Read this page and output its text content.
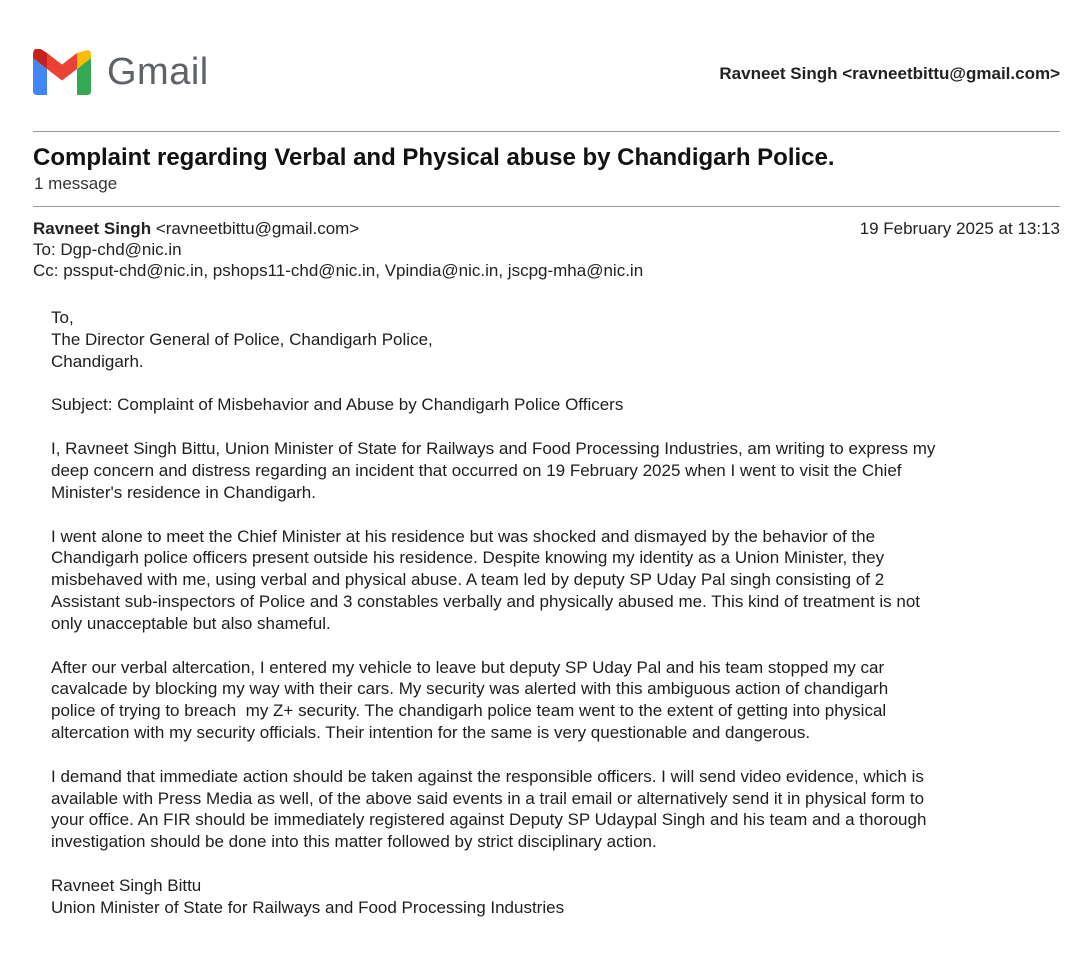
Gmail	Ravneet Singh <ravneetbittu@gmail.com>
Complaint regarding Verbal and Physical abuse by Chandigarh Police.
1 message
Ravneet Singh <ravneetbittu@gmail.com>	19 February 2025 at 13:13
To: Dgp-chd@nic.in
Cc: pssput-chd@nic.in, pshops11-chd@nic.in, Vpindia@nic.in, jscpg-mha@nic.in

To,

The Director General of Police, Chandigarh Police,

Chandigarh.

Subject: Complaint of Misbehavior and Abuse by Chandigarh Police Officers

I, Ravneet Singh Bittu, Union Minister of State for Railways and Food Processing Industries, am writing to express my

deep concern and distress regarding an incident that occurred on 19 February 2025 when I went to visit the Chief

Minister's residence in Chandigarh.

I went alone to meet the Chief Minister at his residence but was shocked and dismayed by the behavior of the

Chandigarh police officers present outside his residence. Despite knowing my identity as a Union Minister, they

misbehaved with me, using verbal and physical abuse. A team led by deputy SP Uday Pal singh consisting of 2

Assistant sub-inspectors of Police and 3 constables verbally and physically abused me. This kind of treatment is not

only unacceptable but also shameful.

After our verbal altercation, I entered my vehicle to leave but deputy SP Uday Pal and his team stopped my car

cavalcade by blocking my way with their cars. My security was alerted with this ambiguous action of chandigarh

police of trying to breach  my Z+ security. The chandigarh police team went to the extent of getting into physical

altercation with my security officials. Their intention for the same is very questionable and dangerous.

I demand that immediate action should be taken against the responsible officers. I will send video evidence, which is

available with Press Media as well, of the above said events in a trail email or alternatively send it in physical form to

your office. An FIR should be immediately registered against Deputy SP Udaypal Singh and his team and a thorough

investigation should be done into this matter followed by strict disciplinary action.

Ravneet Singh Bittu

Union Minister of State for Railways and Food Processing Industries
